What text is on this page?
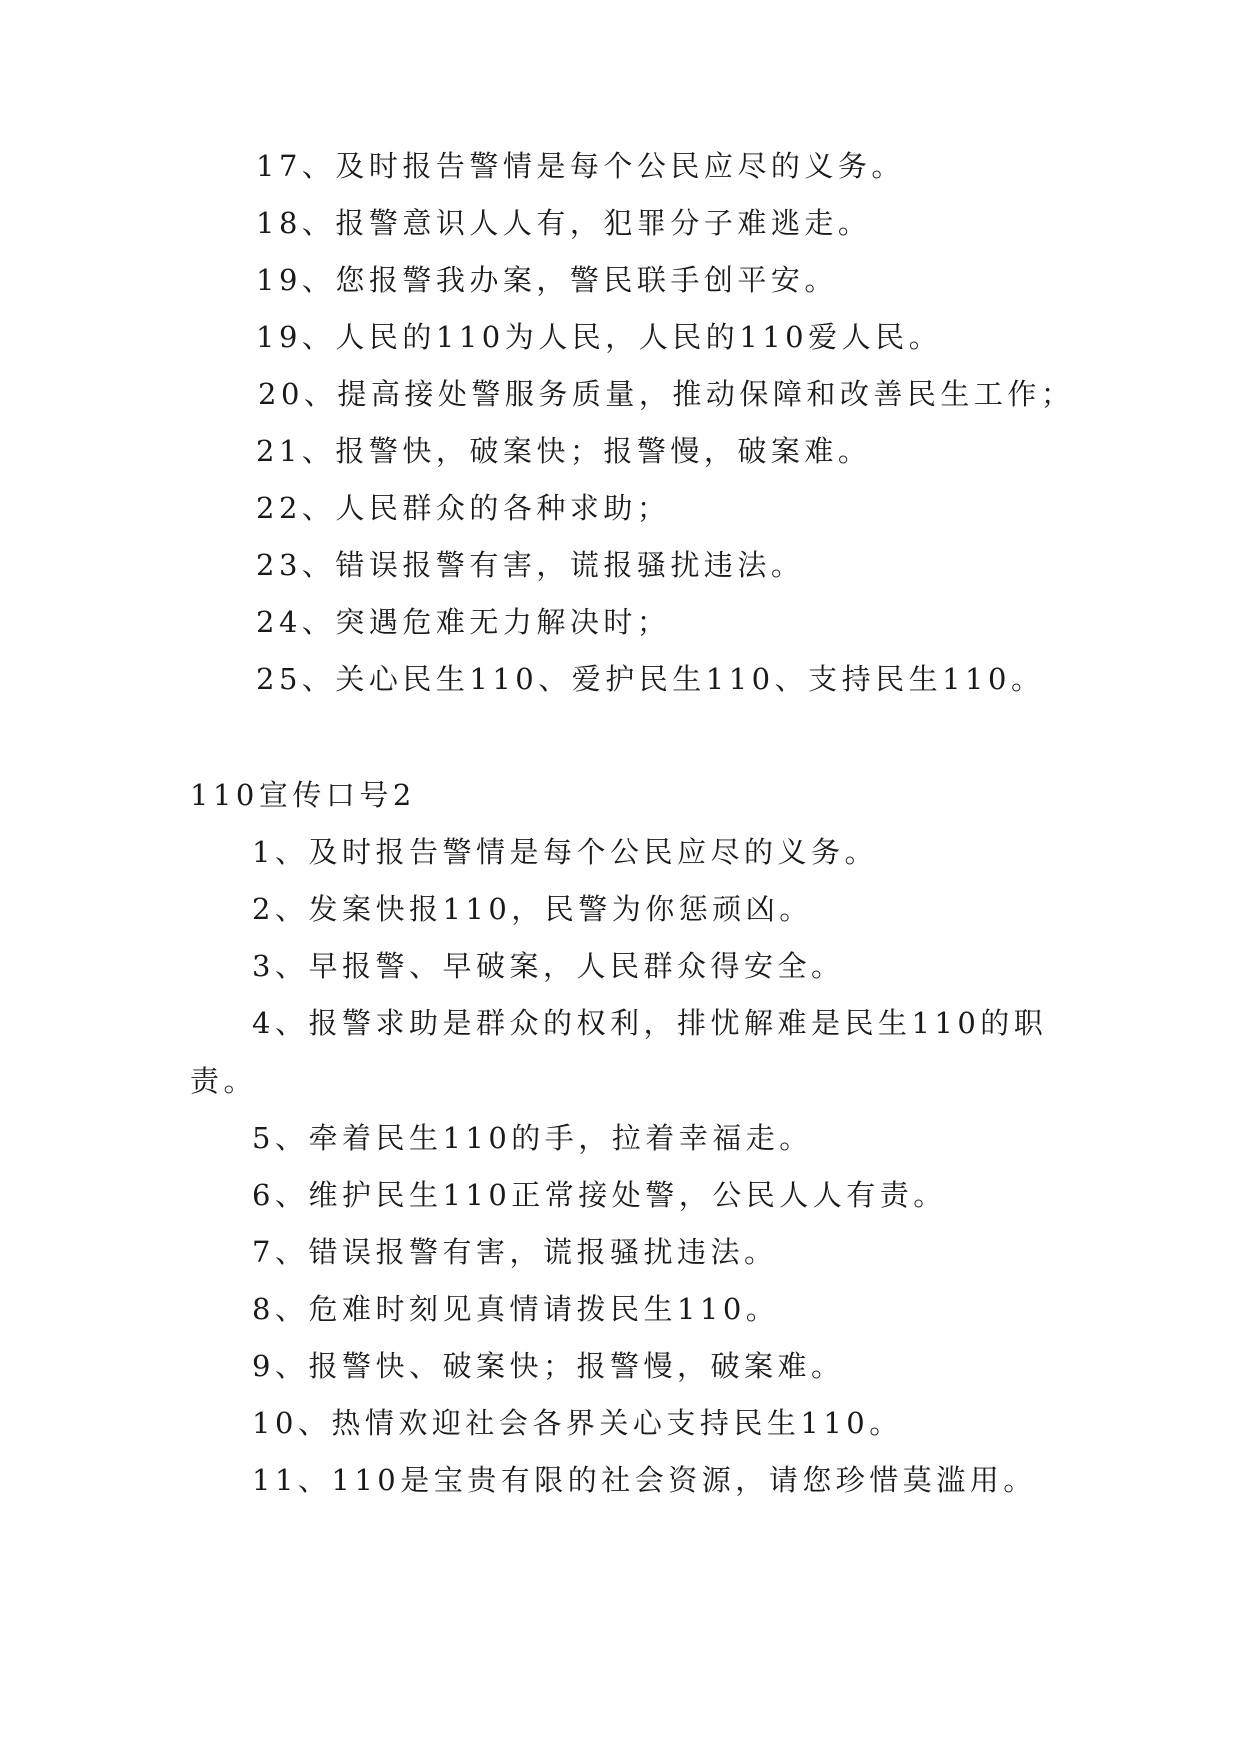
17、及时报告警情是每个公民应尽的义务。
18、报警意识人人有，犯罪分子难逃走。
19、您报警我办案，警民联手创平安。
19、人民的110为人民，人民的110爱人民。
20、提高接处警服务质量，推动保障和改善民生工作；
21、报警快，破案快；报警慢，破案难。
22、人民群众的各种求助；
23、错误报警有害，谎报骚扰违法。
24、突遇危难无力解决时；
25、关心民生110、爱护民生110、支持民生110。
110宣传口号2
1、及时报告警情是每个公民应尽的义务。
2、发案快报110，民警为你惩顽凶。
3、早报警、早破案，人民群众得安全。
4、报警求助是群众的权利，排忧解难是民生110的职
责。
5、牵着民生110的手，拉着幸福走。
6、维护民生110正常接处警，公民人人有责。
7、错误报警有害，谎报骚扰违法。
8、危难时刻见真情请拨民生110。
9、报警快、破案快；报警慢，破案难。
10、热情欢迎社会各界关心支持民生110。
11、110是宝贵有限的社会资源，请您珍惜莫滥用。
